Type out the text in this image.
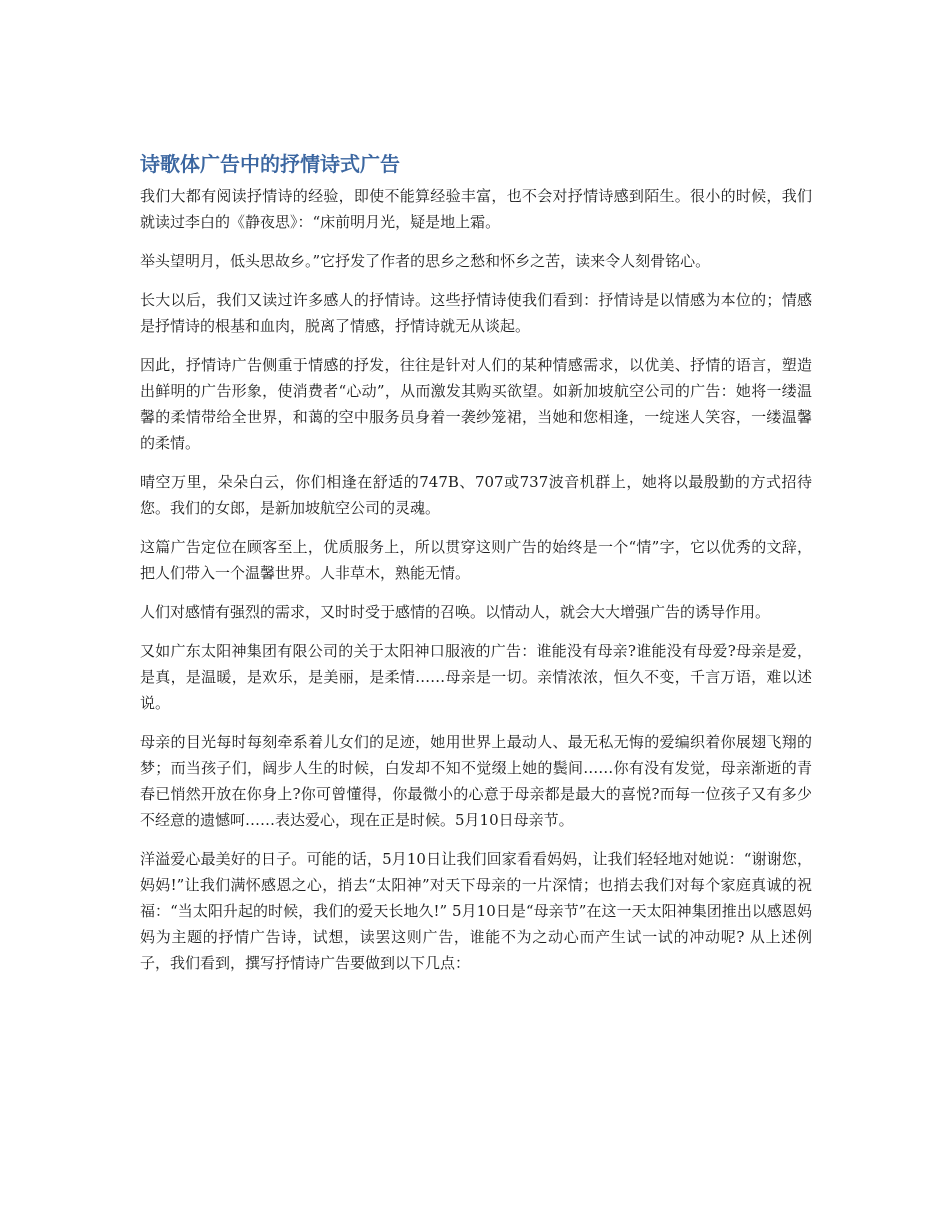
诗歌体广告中的抒情诗式广告

我们大都有阅读抒情诗的经验，即使不能算经验丰富，也不会对抒情诗感到陌生。很小的时候，我们就读过李白的《静夜思》：“床前明月光，疑是地上霜。

举头望明月，低头思故乡。”它抒发了作者的思乡之愁和怀乡之苦，读来令人刻骨铭心。

长大以后，我们又读过许多感人的抒情诗。这些抒情诗使我们看到：抒情诗是以情感为本位的；情感是抒情诗的根基和血肉，脱离了情感，抒情诗就无从谈起。

因此，抒情诗广告侧重于情感的抒发，往往是针对人们的某种情感需求，以优美、抒情的语言，塑造出鲜明的广告形象，使消费者“心动”，从而激发其购买欲望。如新加坡航空公司的广告：她将一缕温馨的柔情带给全世界，和蔼的空中服务员身着一袭纱笼裙，当她和您相逢，一绽迷人笑容，一缕温馨的柔情。

晴空万里，朵朵白云，你们相逢在舒适的747B、707或737波音机群上，她将以最殷勤的方式招待您。我们的女郎，是新加坡航空公司的灵魂。

这篇广告定位在顾客至上，优质服务上，所以贯穿这则广告的始终是一个“情”字，它以优秀的文辞，把人们带入一个温馨世界。人非草木，熟能无情。

人们对感情有强烈的需求，又时时受于感情的召唤。以情动人，就会大大增强广告的诱导作用。

又如广东太阳神集团有限公司的关于太阳神口服液的广告：谁能没有母亲?谁能没有母爱?母亲是爱，是真，是温暖，是欢乐，是美丽，是柔情……母亲是一切。亲情浓浓，恒久不变，千言万语，难以述说。

母亲的目光每时每刻牵系着儿女们的足迹，她用世界上最动人、最无私无悔的爱编织着你展翅飞翔的梦；而当孩子们，阔步人生的时候，白发却不知不觉缀上她的鬓间……你有没有发觉，母亲渐逝的青春已悄然开放在你身上?你可曾懂得，你最微小的心意于母亲都是最大的喜悦?而每一位孩子又有多少不经意的遗憾呵……表达爱心，现在正是时候。5月10日母亲节。

洋溢爱心最美好的日子。可能的话，5月10日让我们回家看看妈妈，让我们轻轻地对她说：“谢谢您，妈妈!”让我们满怀感恩之心，捎去“太阳神”对天下母亲的一片深情；也捎去我们对每个家庭真诚的祝福：“当太阳升起的时候，我们的爱天长地久!” 5月10日是“母亲节”在这一天太阳神集团推出以感恩妈妈为主题的抒情广告诗，试想，读罢这则广告，谁能不为之动心而产生试一试的冲动呢? 从上述例子，我们看到，撰写抒情诗广告要做到以下几点：
